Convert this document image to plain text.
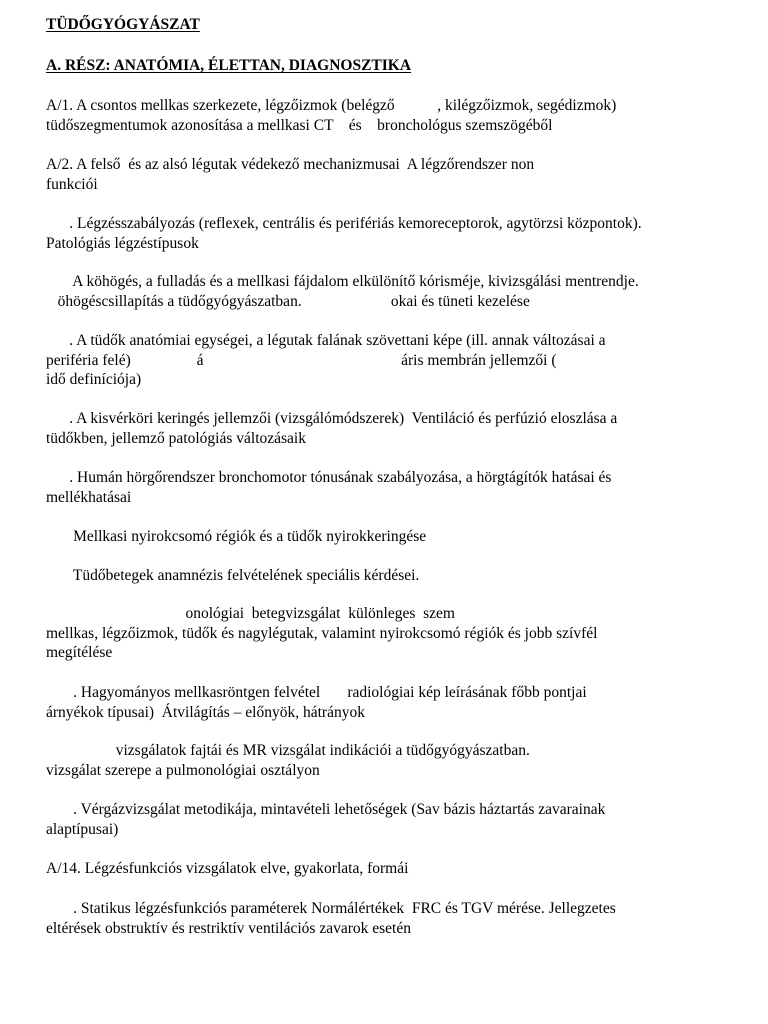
TÜDŐGYÓGYÁSZAT

A. RÉSZ: ANATÓMIA, ÉLETTAN, DIAGNOSZTIKA

A/1. A csontos mellkas szerkezete, légzőizmok (belégző           , kilégzőizmok, segédizmok)
tüdőszegmentumok azonosítása a mellkasi CT    és    bronchológus szemszögéből
A/2. A felső  és az alsó légutak védekező mechanizmusai  A légzőrendszer non
funkciói
. Légzésszabályozás (reflexek, centrális és perifériás kemoreceptorok, agytörzsi központok).
Patológiás légzéstípusok
A köhögés, a fulladás és a mellkasi fájdalom elkülönítő kórisméje, kivizsgálási mentrendje.
öhögéscsillapítás a tüdőgyógyászatban.                       okai és tüneti kezelése
. A tüdők anatómiai egységei, a légutak falának szövettani képe (ill. annak változásai a
periféria felé)                 á                                                   áris membrán jellemzői (
idő definíciója)
. A kisvérköri keringés jellemzői (vizsgálómódszerek)  Ventiláció és perfúzió eloszlása a
tüdőkben, jellemző patológiás változásaik
. Humán hörgőrendszer bronchomotor tónusának szabályozása, a hörgtágítók hatásai és
mellékhatásai
Mellkasi nyirokcsomó régiók és a tüdők nyirokkeringése
Tüdőbetegek anamnézis felvételének speciális kérdései.
onológiai  betegvizsgálat  különleges  szem
mellkas, légzőizmok, tüdők és nagylégutak, valamint nyirokcsomó régiók és jobb szívfél
megítélése
. Hagyományos mellkasröntgen felvétel       radiológiai kép leírásának főbb pontjai
árnyékok típusai)  Átvilágítás – előnyök, hátrányok
vizsgálatok fajtái és MR vizsgálat indikációi a tüdőgyógyászatban.
vizsgálat szerepe a pulmonológiai osztályon
. Vérgázvizsgálat metodikája, mintavételi lehetőségek (Sav bázis háztartás zavarainak
alaptípusai)
A/14. Légzésfunkciós vizsgálatok elve, gyakorlata, formái
. Statikus légzésfunkciós paraméterek Normálértékek  FRC és TGV mérése. Jellegzetes
eltérések obstruktív és restriktív ventilációs zavarok esetén
